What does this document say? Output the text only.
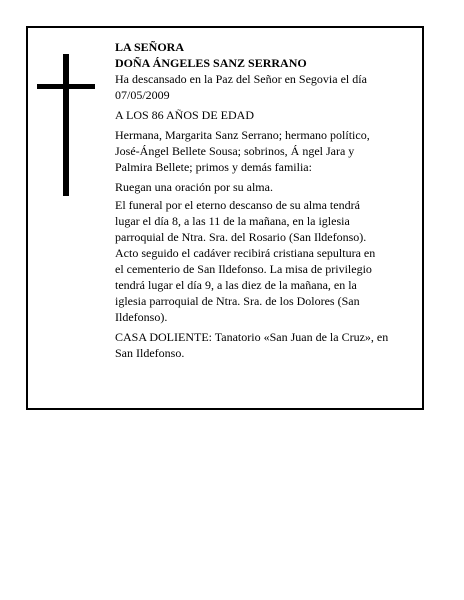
LA SEÑORA

DOÑA ÁNGELES SANZ SERRANO

Ha descansado en la Paz del Señor en Segovia el día

07/05/2009

A LOS 86 AÑOS DE EDAD

Hermana, Margarita Sanz Serrano; hermano político,

José-Ángel Bellete Sousa; sobrinos, Á ngel Jara y

Palmira Bellete; primos y demás familia:

Ruegan una oración por su alma.

El funeral por el eterno descanso de su alma tendrá

lugar el día 8, a las 11 de la mañana, en la iglesia

parroquial de Ntra. Sra. del Rosario (San Ildefonso).

Acto seguido el cadáver recibirá cristiana sepultura en

el cementerio de San Ildefonso. La misa de privilegio

tendrá lugar el día 9, a las diez de la mañana, en la

iglesia parroquial de Ntra. Sra. de los Dolores (San

Ildefonso).

CASA DOLIENTE: Tanatorio «San Juan de la Cruz», en

San Ildefonso.
